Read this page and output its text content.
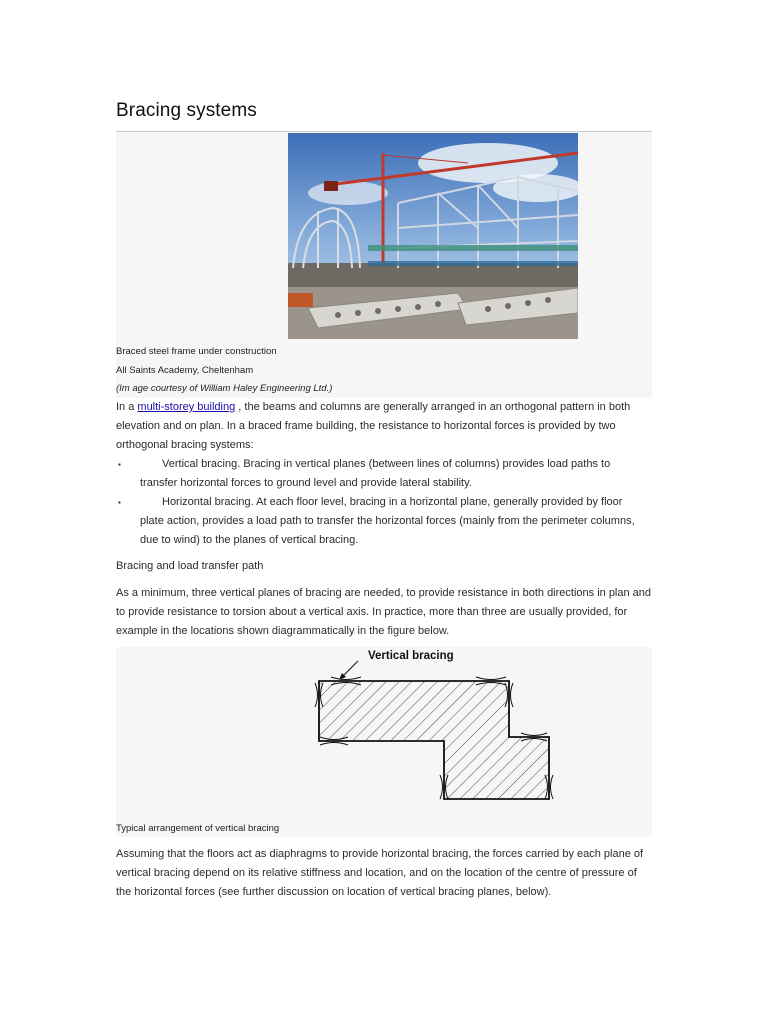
Bracing systems

Braced steel frame under construction

All Saints Academy, Cheltenham

(Im age courtesy of William Haley Engineering Ltd.)

In a multi-storey building , the beams and columns are generally arranged in an orthogonal pattern in both elevation and on plan. In a braced frame building, the resistance to horizontal forces is provided by two orthogonal bracing systems:

▪	Vertical bracing. Bracing in vertical planes (between lines of columns) provides load paths to
transfer horizontal forces to ground level and provide lateral stability.
▪	Horizontal bracing. At each floor level, bracing in a horizontal plane, generally provided by floor
plate action, provides a load path to transfer the horizontal forces (mainly from the perimeter columns, due to wind) to the planes of vertical bracing.

Bracing and load transfer path

As a minimum, three vertical planes of bracing are needed, to provide resistance in both directions in plan and to provide resistance to torsion about a vertical axis. In practice, more than three are usually provided, for example in the locations shown diagrammatically in the figure below.

Vertical bracing

Typical arrangement of vertical bracing

Assuming that the floors act as diaphragms to provide horizontal bracing, the forces carried by each plane of vertical bracing depend on its relative stiffness and location, and on the location of the centre of pressure of the horizontal forces (see further discussion on location of vertical bracing planes, below).
